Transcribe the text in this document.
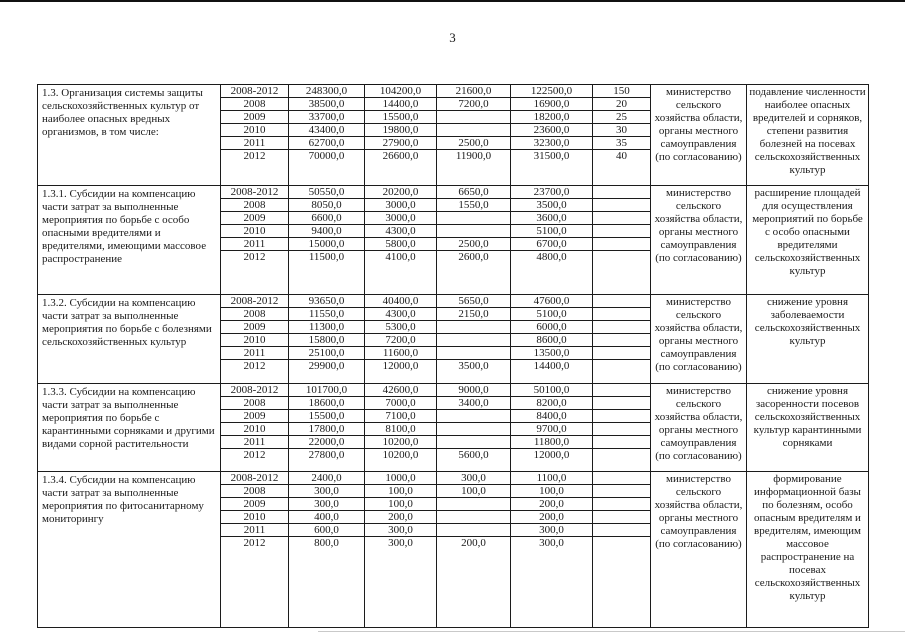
3
1.3. Организация системы защиты сельскохозяйственных культур от наиболее опасных вредных организмов, в том числе:	2008-2012	248300,0	104200,0	21600,0	122500,0	150	министерство сельского хозяйства области, органы местного самоуправления (по согласованию)	подавление численности наиболее опасных вредителей и сорняков, степени развития болезней на посевах сельскохозяйственных культур
	2008	38500,0	14400,0	7200,0	16900,0	20		
	2009	33700,0	15500,0		18200,0	25		
	2010	43400,0	19800,0		23600,0	30		
	2011	62700,0	27900,0	2500,0	32300,0	35		
	2012	70000,0	26600,0	11900,0	31500,0	40		

1.3.1. Субсидии на компенсацию части затрат за выполненные мероприятия по борьбе с особо опасными вредителями и вредителями, имеющими массовое распространение	2008-2012	50550,0	20200,0	6650,0	23700,0		министерство сельского хозяйства области, органы местного самоуправления (по согласованию)	расширение площадей для осуществления мероприятий по борьбе с особо опасными вредителями сельскохозяйственных культур
	2008	8050,0	3000,0	1550,0	3500,0			
	2009	6600,0	3000,0		3600,0			
	2010	9400,0	4300,0		5100,0			
	2011	15000,0	5800,0	2500,0	6700,0			
	2012	11500,0	4100,0	2600,0	4800,0			

1.3.2. Субсидии на компенсацию части затрат за выполненные мероприятия по борьбе с болезнями сельскохозяйственных культур	2008-2012	93650,0	40400,0	5650,0	47600,0		министерство сельского хозяйства области, органы местного самоуправления (по согласованию)	снижение уровня заболеваемости сельскохозяйственных культур
	2008	11550,0	4300,0	2150,0	5100,0			
	2009	11300,0	5300,0		6000,0			
	2010	15800,0	7200,0		8600,0			
	2011	25100,0	11600,0		13500,0			
	2012	29900,0	12000,0	3500,0	14400,0			

1.3.3. Субсидии на компенсацию части затрат за выполненные мероприятия по борьбе с карантинными сорняками и другими видами сорной растительности	2008-2012	101700,0	42600,0	9000,0	50100,0		министерство сельского хозяйства области, органы местного самоуправления (по согласованию)	снижение уровня засоренности посевов сельскохозяйственных культур карантинными сорняками
	2008	18600,0	7000,0	3400,0	8200,0			
	2009	15500,0	7100,0		8400,0			
	2010	17800,0	8100,0		9700,0			
	2011	22000,0	10200,0		11800,0			
	2012	27800,0	10200,0	5600,0	12000,0			

1.3.4. Субсидии на компенсацию части затрат за выполненные мероприятия по фитосанитарному мониторингу	2008-2012	2400,0	1000,0	300,0	1100,0		министерство сельского хозяйства области, органы местного самоуправления (по согласованию)	формирование информационной базы по болезням, особо опасным вредителям и вредителям, имеющим массовое распространение на посевах сельскохозяйственных культур
	2008	300,0	100,0	100,0	100,0			
	2009	300,0	100,0		200,0			
	2010	400,0	200,0		200,0			
	2011	600,0	300,0		300,0			
	2012	800,0	300,0	200,0	300,0			
